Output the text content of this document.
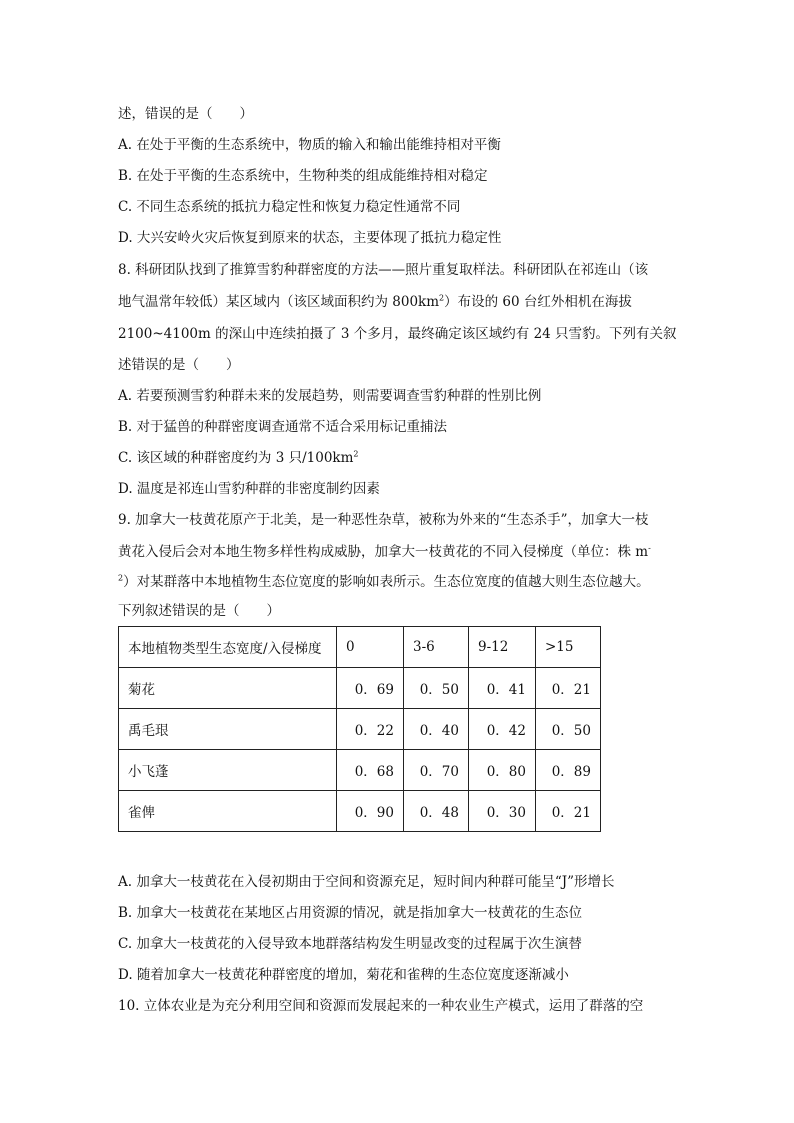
述，错误的是（　　）
A. 在处于平衡的生态系统中，物质的输入和输出能维持相对平衡
B. 在处于平衡的生态系统中，生物种类的组成能维持相对稳定
C. 不同生态系统的抵抗力稳定性和恢复力稳定性通常不同
D. 大兴安岭火灾后恢复到原来的状态，主要体现了抵抗力稳定性
8. 科研团队找到了推算雪豹种群密度的方法——照片重复取样法。科研团队在祁连山（该
地气温常年较低）某区域内（该区域面积约为 $800km^2$）布设的 60 台红外相机在海拔
2100~4100m 的深山中连续拍摄了 3 个多月，最终确定该区域约有 24 只雪豹。下列有关叙
述错误的是（　　）
A. 若要预测雪豹种群未来的发展趋势，则需要调查雪豹种群的性别比例
B. 对于猛兽的种群密度调查通常不适合采用标记重捕法
C. 该区域的种群密度约为 3 只$/100km^2$
D. 温度是祁连山雪豹种群的非密度制约因素
9. 加拿大一枝黄花原产于北美，是一种恶性杂草，被称为外来的“生态杀手”，加拿大一枝
黄花入侵后会对本地生物多样性构成威胁，加拿大一枝黄花的不同入侵梯度（单位：株 m-
$^2$）对某群落中本地植物生态位宽度的影响如表所示。生态位宽度的值越大则生态位越大。
下列叙述错误的是（　　）
本地植物类型生态宽度/入侵梯度	0	3-6	9-12	>15
菊花	0．69	0．50	0．41	0．21
禹毛珢	0．22	0．40	0．42	0．50
小飞蓬	0．68	0．70	0．80	0．89
雀俾	0．90	0．48	0．30	0．21
A. 加拿大一枝黄花在入侵初期由于空间和资源充足，短时间内种群可能呈“J”形增长
B. 加拿大一枝黄花在某地区占用资源的情况，就是指加拿大一枝黄花的生态位
C. 加拿大一枝黄花的入侵导致本地群落结构发生明显改变的过程属于次生演替
D. 随着加拿大一枝黄花种群密度的增加，菊花和雀稗的生态位宽度逐渐减小
10. 立体农业是为充分利用空间和资源而发展起来的一种农业生产模式，运用了群落的空
